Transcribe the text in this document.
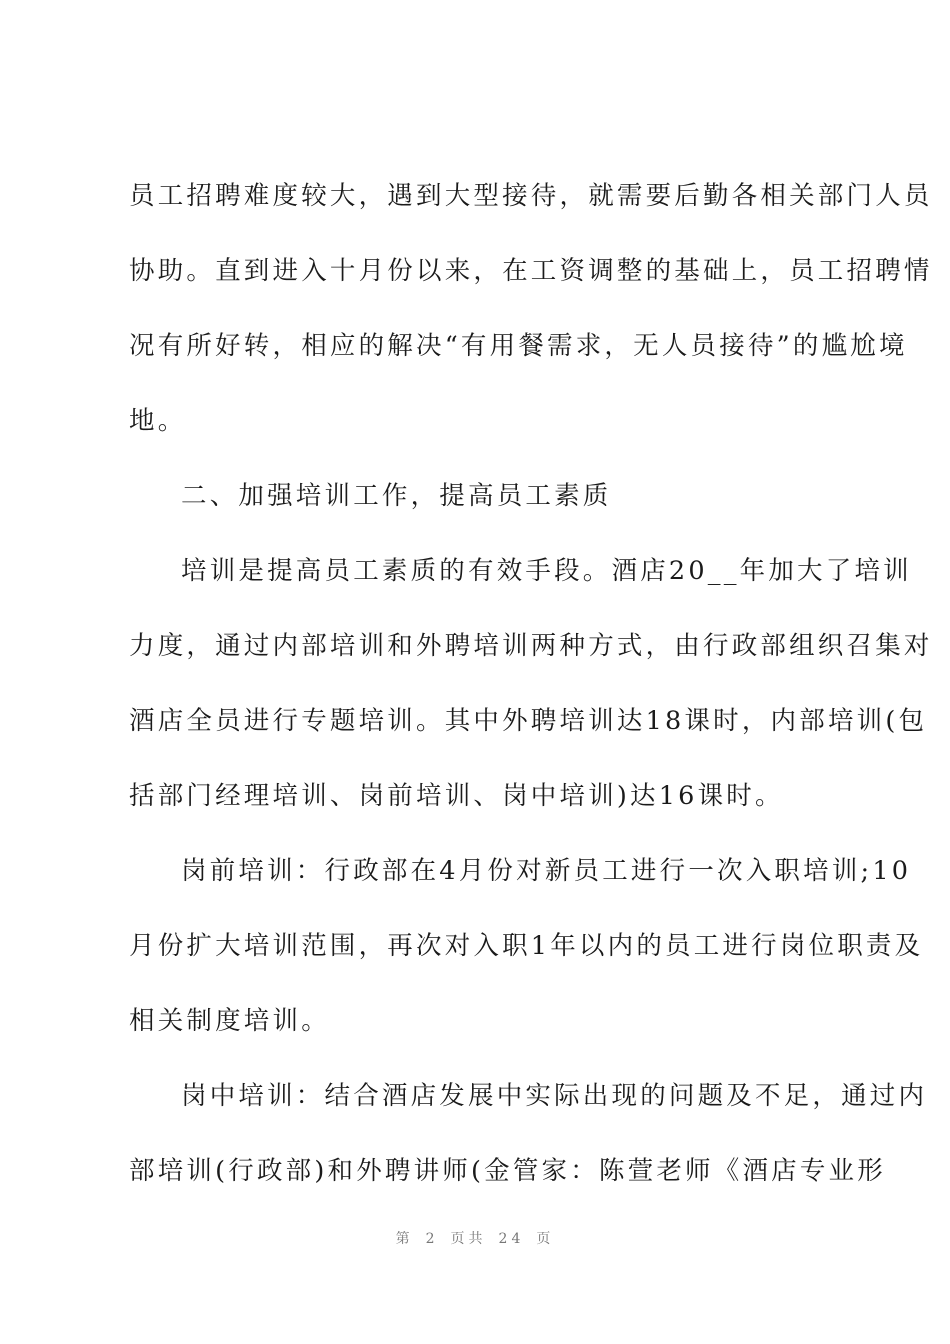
员工招聘难度较大，遇到大型接待，就需要后勤各相关部门人员
协助。直到进入十月份以来，在工资调整的基础上，员工招聘情
况有所好转，相应的解决“有用餐需求，无人员接待”的尴尬境
地。
二、加强培训工作，提高员工素质
培训是提高员工素质的有效手段。酒店20__年加大了培训
力度，通过内部培训和外聘培训两种方式，由行政部组织召集对
酒店全员进行专题培训。其中外聘培训达18课时，内部培训(包
括部门经理培训、岗前培训、岗中培训)达16课时。
岗前培训：行政部在4月份对新员工进行一次入职培训;10
月份扩大培训范围，再次对入职1年以内的员工进行岗位职责及
相关制度培训。
岗中培训：结合酒店发展中实际出现的问题及不足，通过内
部培训(行政部)和外聘讲师(金管家：陈萱老师《酒店专业形
第 2 页共 24 页
